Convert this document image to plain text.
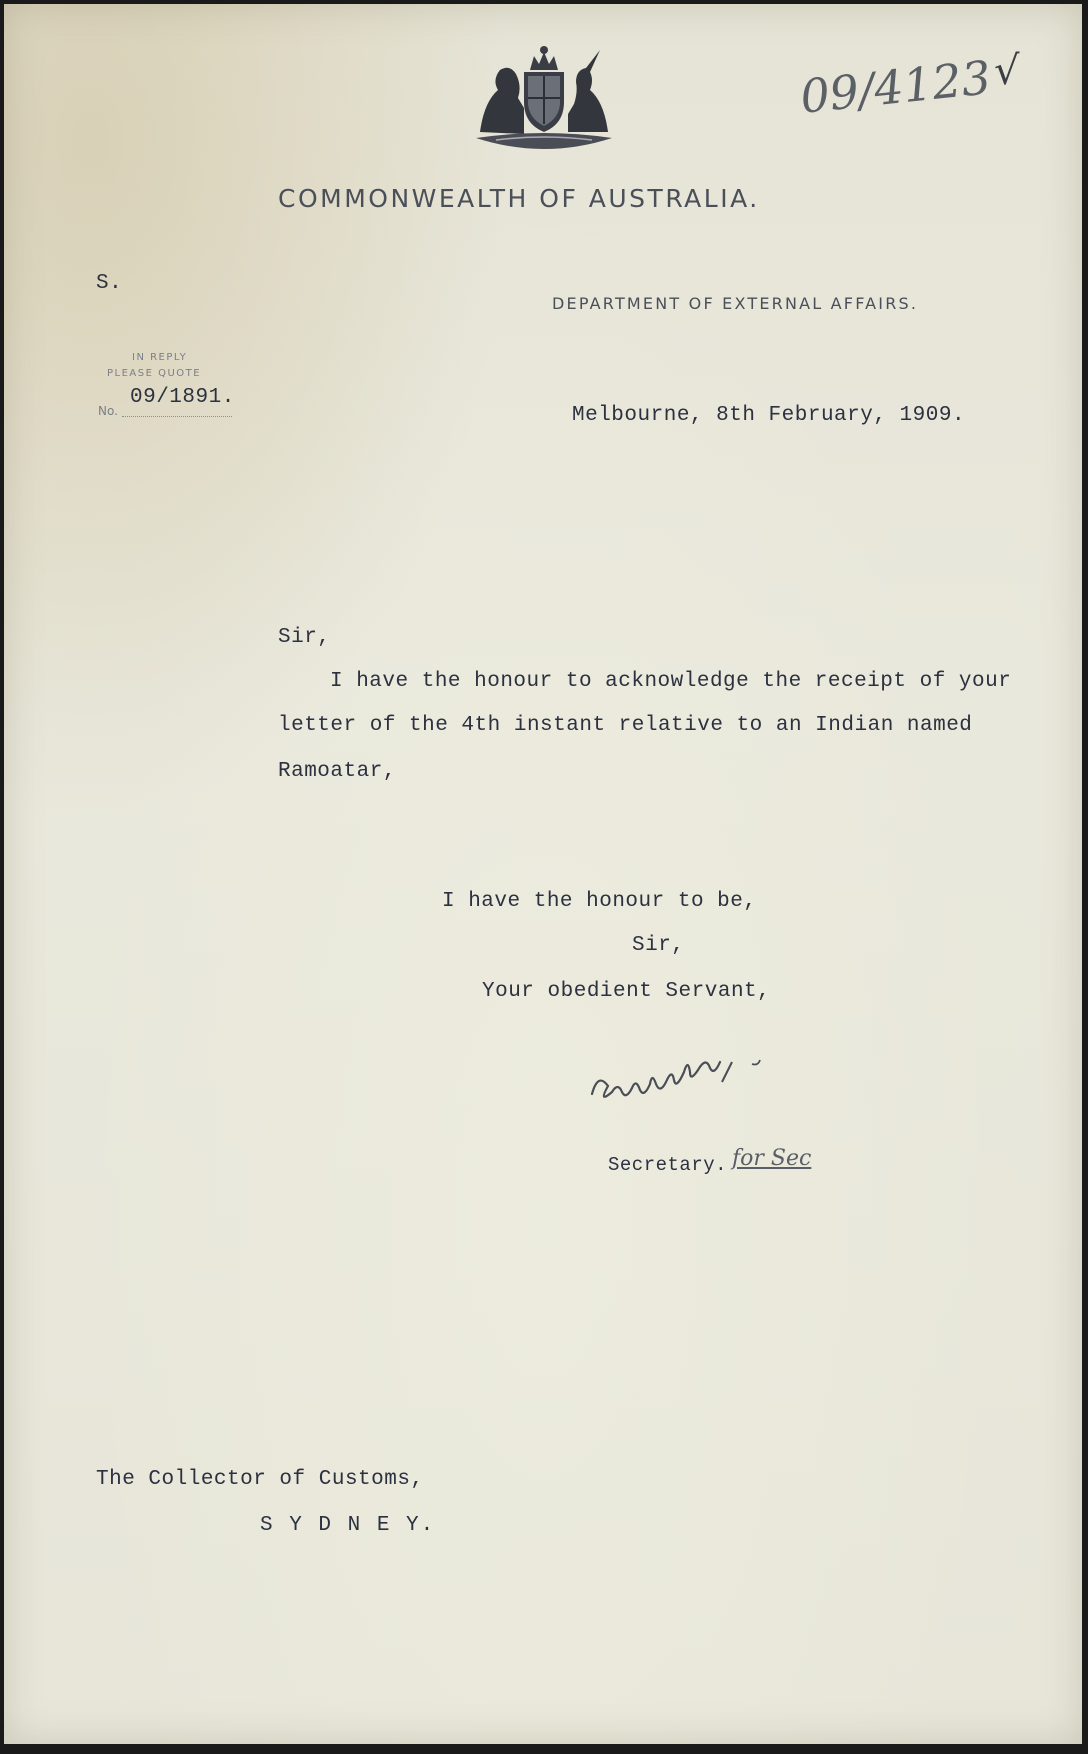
09/4123 √
COMMONWEALTH OF AUSTRALIA.
S.
DEPARTMENT OF EXTERNAL AFFAIRS.
IN REPLY
PLEASE QUOTE
No.
09/1891.
Melbourne, 8th February, 1909.
Sir,
I have the honour to acknowledge the receipt of your
letter of the 4th instant relative to an Indian named
Ramoatar,
I have the honour to be,
Sir,
Your obedient Servant,
Secretary. for Sec
The Collector of Customs,
S Y D N E Y.
